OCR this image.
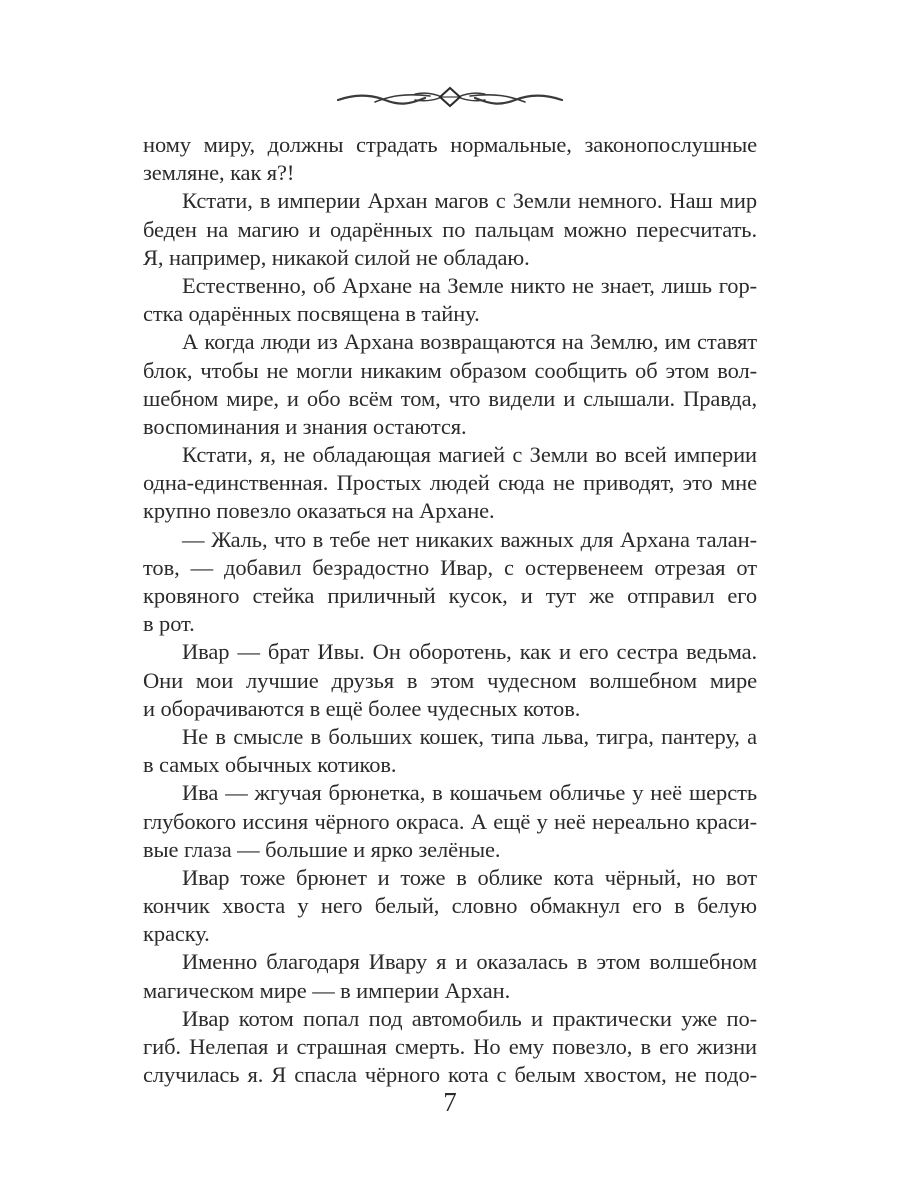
ному миру, должны страдать нормальные, законопослушные
земляне, как я?!
Кстати, в империи Архан магов с Земли немного. Наш мир
беден на магию и одарённых по пальцам можно пересчитать.
Я, например, никакой силой не обладаю.
Естественно, об Архане на Земле никто не знает, лишь гор-
стка одарённых посвящена в тайну.
А когда люди из Архана возвращаются на Землю, им ставят
блок, чтобы не могли никаким образом сообщить об этом вол-
шебном мире, и обо всём том, что видели и слышали. Правда,
воспоминания и знания остаются.
Кстати, я, не обладающая магией с Земли во всей империи
одна-единственная. Простых людей сюда не приводят, это мне
крупно повезло оказаться на Архане.
— Жаль, что в тебе нет никаких важных для Архана талан-
тов, — добавил безрадостно Ивар, с остервенеем отрезая от
кровяного стейка приличный кусок, и тут же отправил его
в рот.
Ивар — брат Ивы. Он оборотень, как и его сестра ведьма.
Они мои лучшие друзья в этом чудесном волшебном мире
и оборачиваются в ещё более чудесных котов.
Не в смысле в больших кошек, типа льва, тигра, пантеру, а
в самых обычных котиков.
Ива — жгучая брюнетка, в кошачьем обличье у неё шерсть
глубокого иссиня чёрного окраса. А ещё у неё нереально краси-
вые глаза — большие и ярко зелёные.
Ивар тоже брюнет и тоже в облике кота чёрный, но вот
кончик хвоста у него белый, словно обмакнул его в белую
краску.
Именно благодаря Ивару я и оказалась в этом волшебном
магическом мире — в империи Архан.
Ивар котом попал под автомобиль и практически уже по-
гиб. Нелепая и страшная смерть. Но ему повезло, в его жизни
случилась я. Я спасла чёрного кота с белым хвостом, не подо-
7
